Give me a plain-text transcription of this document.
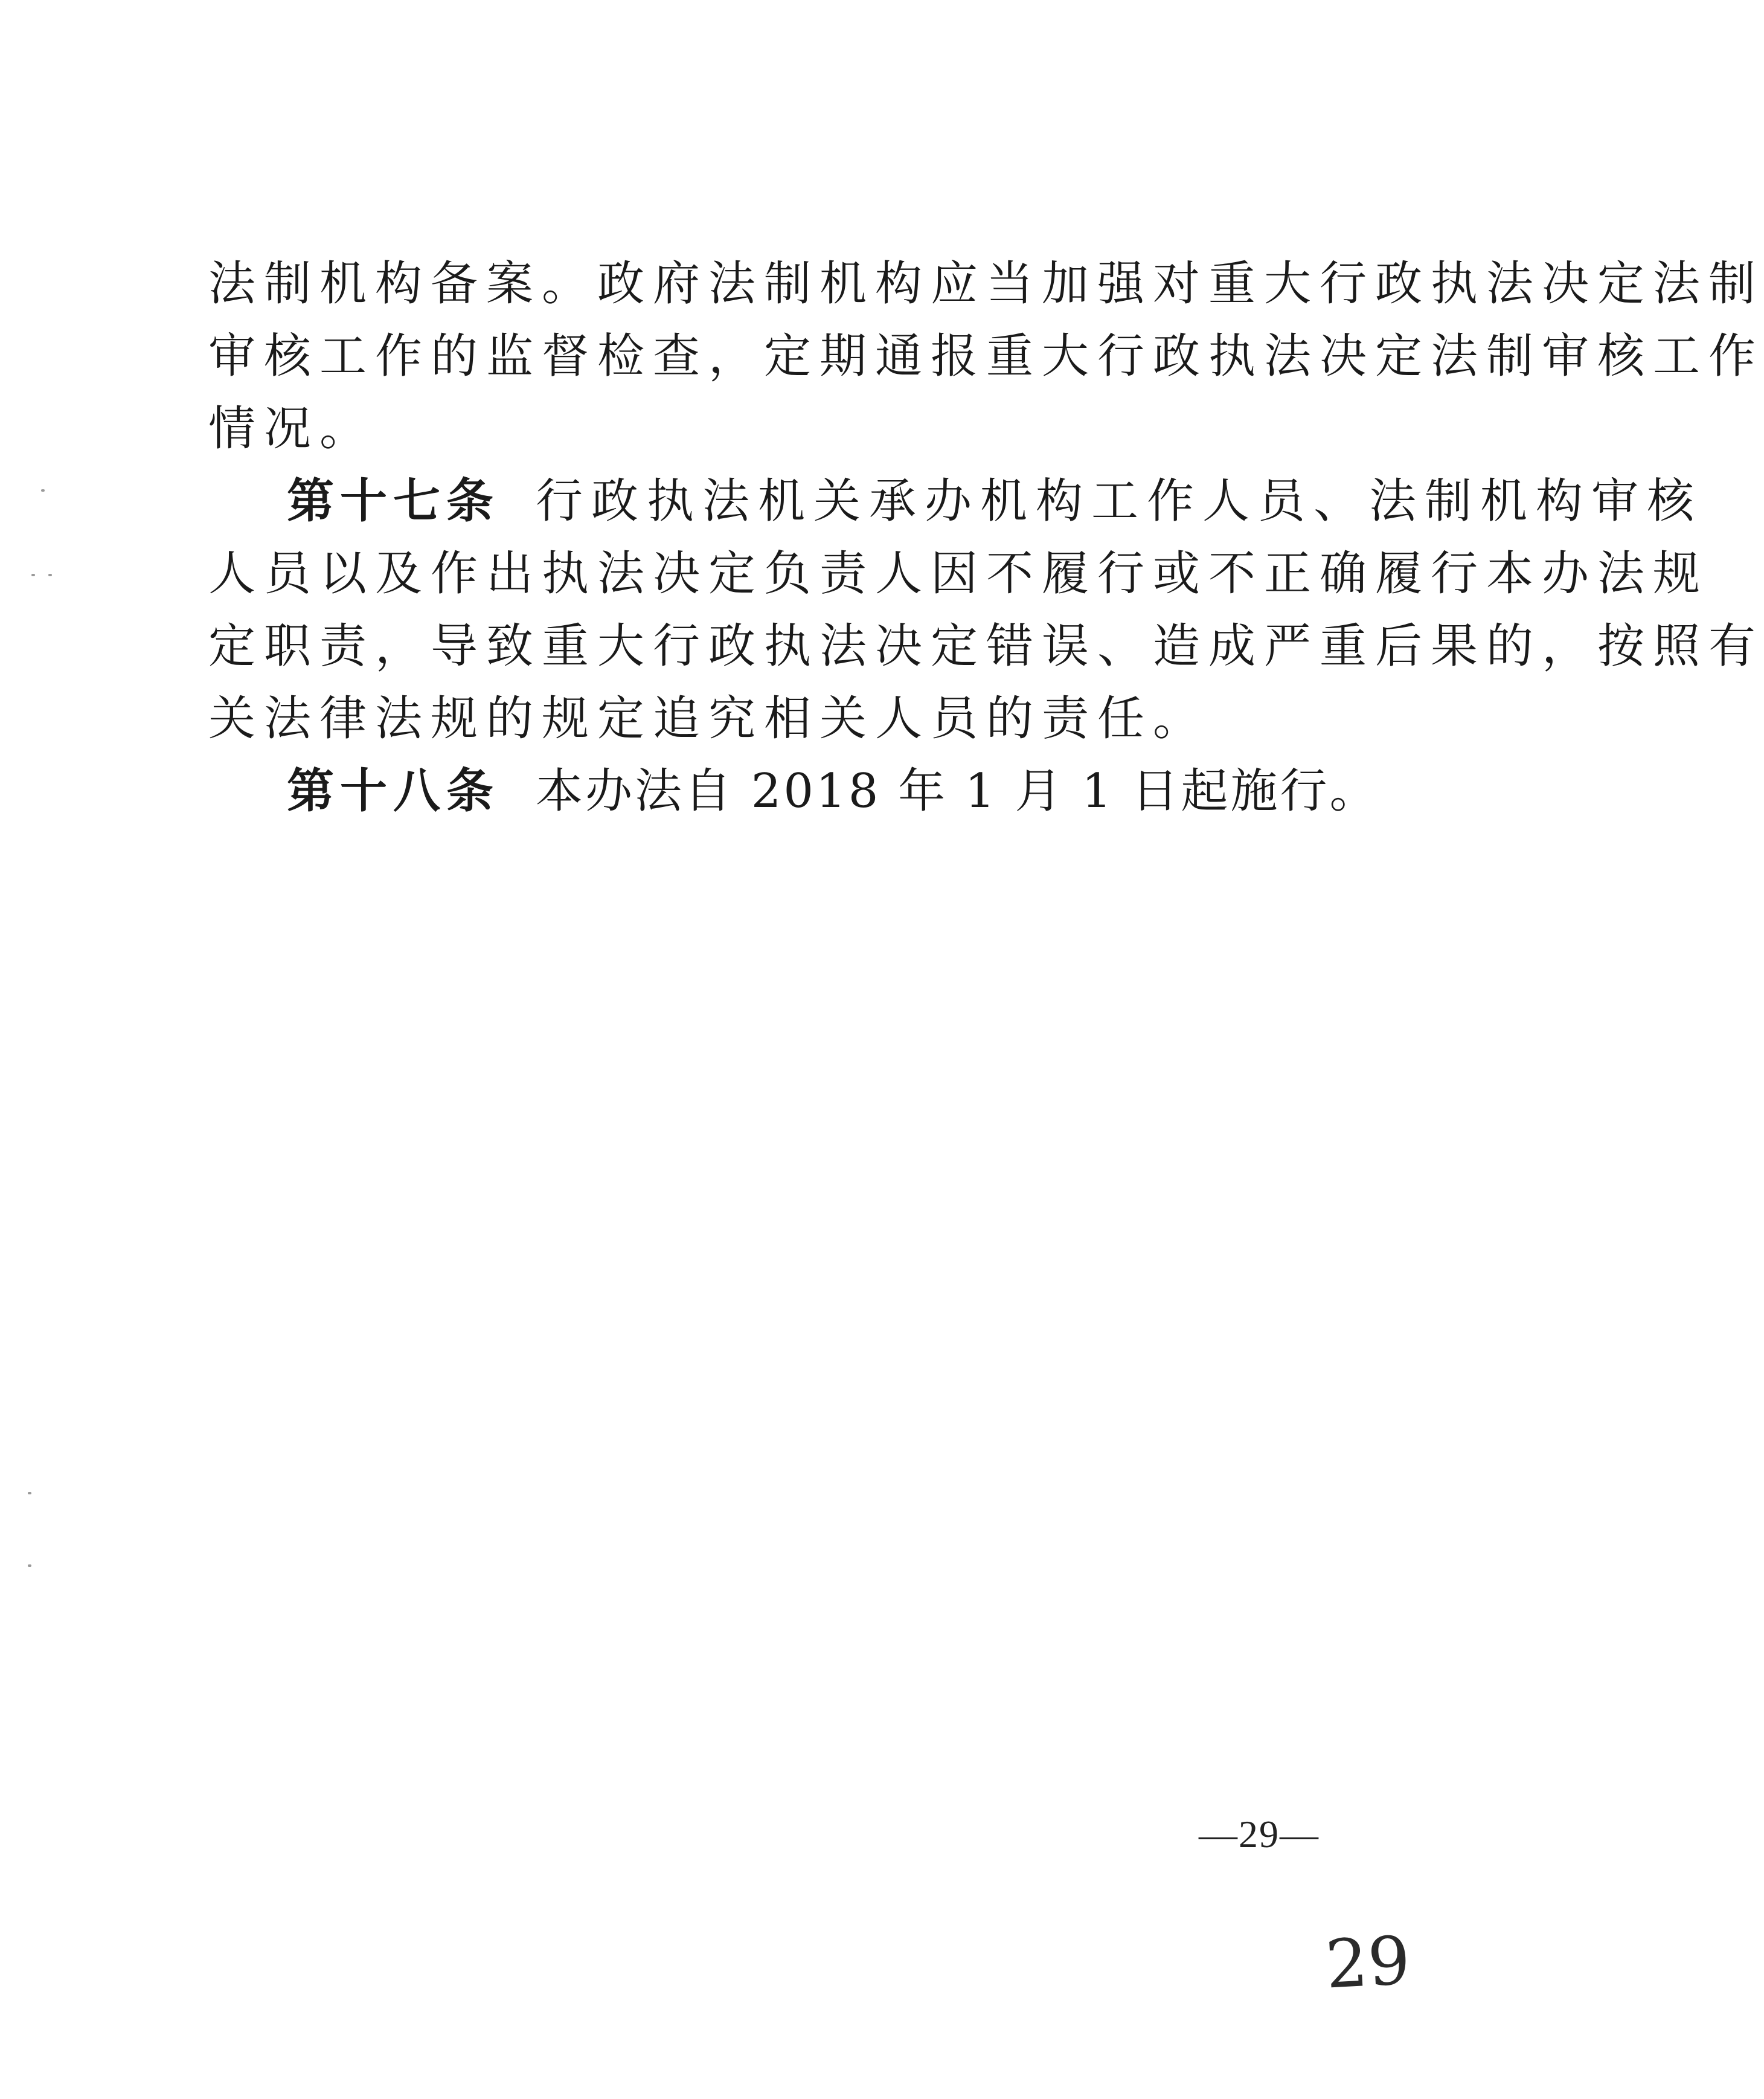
法制机构备案。政府法制机构应当加强对重大行政执法决定法制
审核工作的监督检查，定期通报重大行政执法决定法制审核工作
情况。
第十七条 行政执法机关承办机构工作人员、法制机构审核
人员以及作出执法决定负责人因不履行或不正确履行本办法规
定职责，导致重大行政执法决定错误、造成严重后果的，按照有
关法律法规的规定追究相关人员的责任。
第十八条 本办法自 2018 年 1 月 1 日起施行。
—29—
29
